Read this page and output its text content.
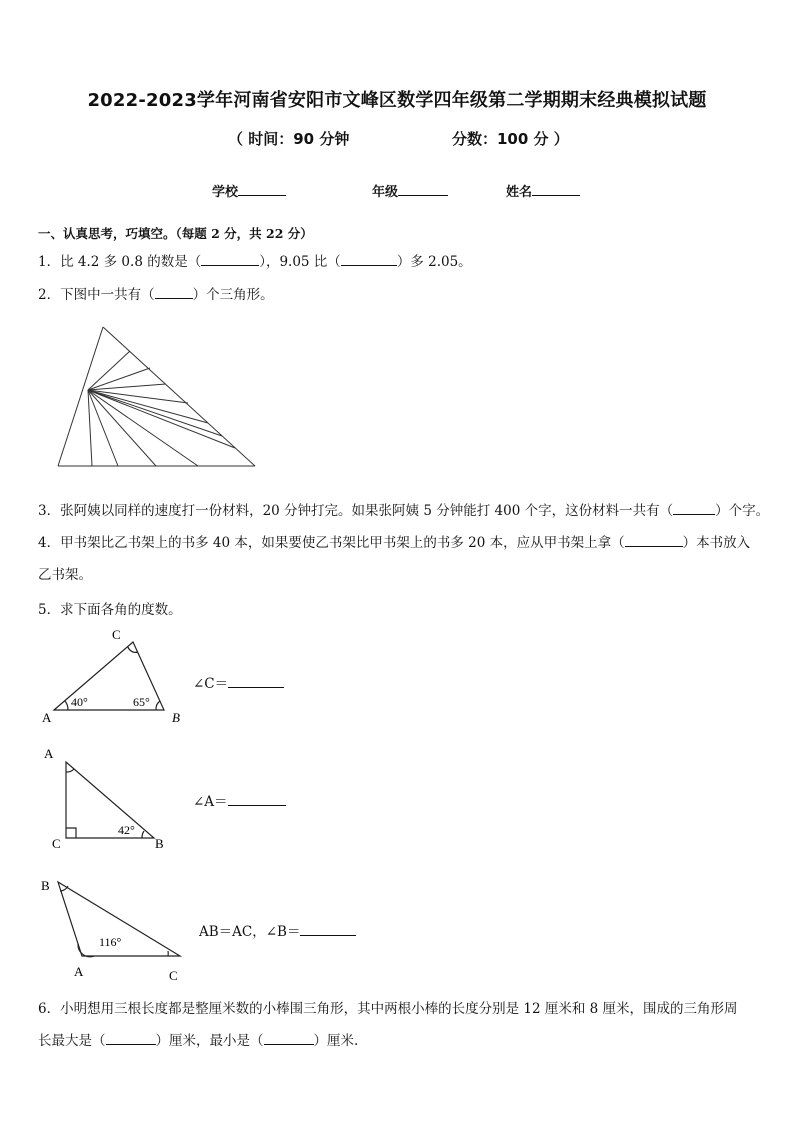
2022-2023学年河南省安阳市文峰区数学四年级第二学期期末经典模拟试题
（ 时间：90 分钟	分数：100 分 ）
学校	年级	姓名
一、认真思考，巧填空。（每题 2 分，共 22 分）
1．比 4.2 多 0.8 的数是（	），9.05 比（	）多 2.05。
2．下图中一共有（	）个三角形。
3．张阿姨以同样的速度打一份材料，20 分钟打完。如果张阿姨 5 分钟能打 400 个字，这份材料一共有（	）个字。
4．甲书架比乙书架上的书多 40 本，如果要使乙书架比甲书架上的书多 20 本，应从甲书架上拿（	）本书放入
乙书架。
5．求下面各角的度数。
C
A	B
40°	65°
∠C＝
A
C	B
42°
∠A＝
B
A	C
116°
AB＝AC，∠B＝
6．小明想用三根长度都是整厘米数的小棒围三角形，其中两根小棒的长度分别是 12 厘米和 8 厘米，围成的三角形周
长最大是（	）厘米，最小是（	）厘米.
